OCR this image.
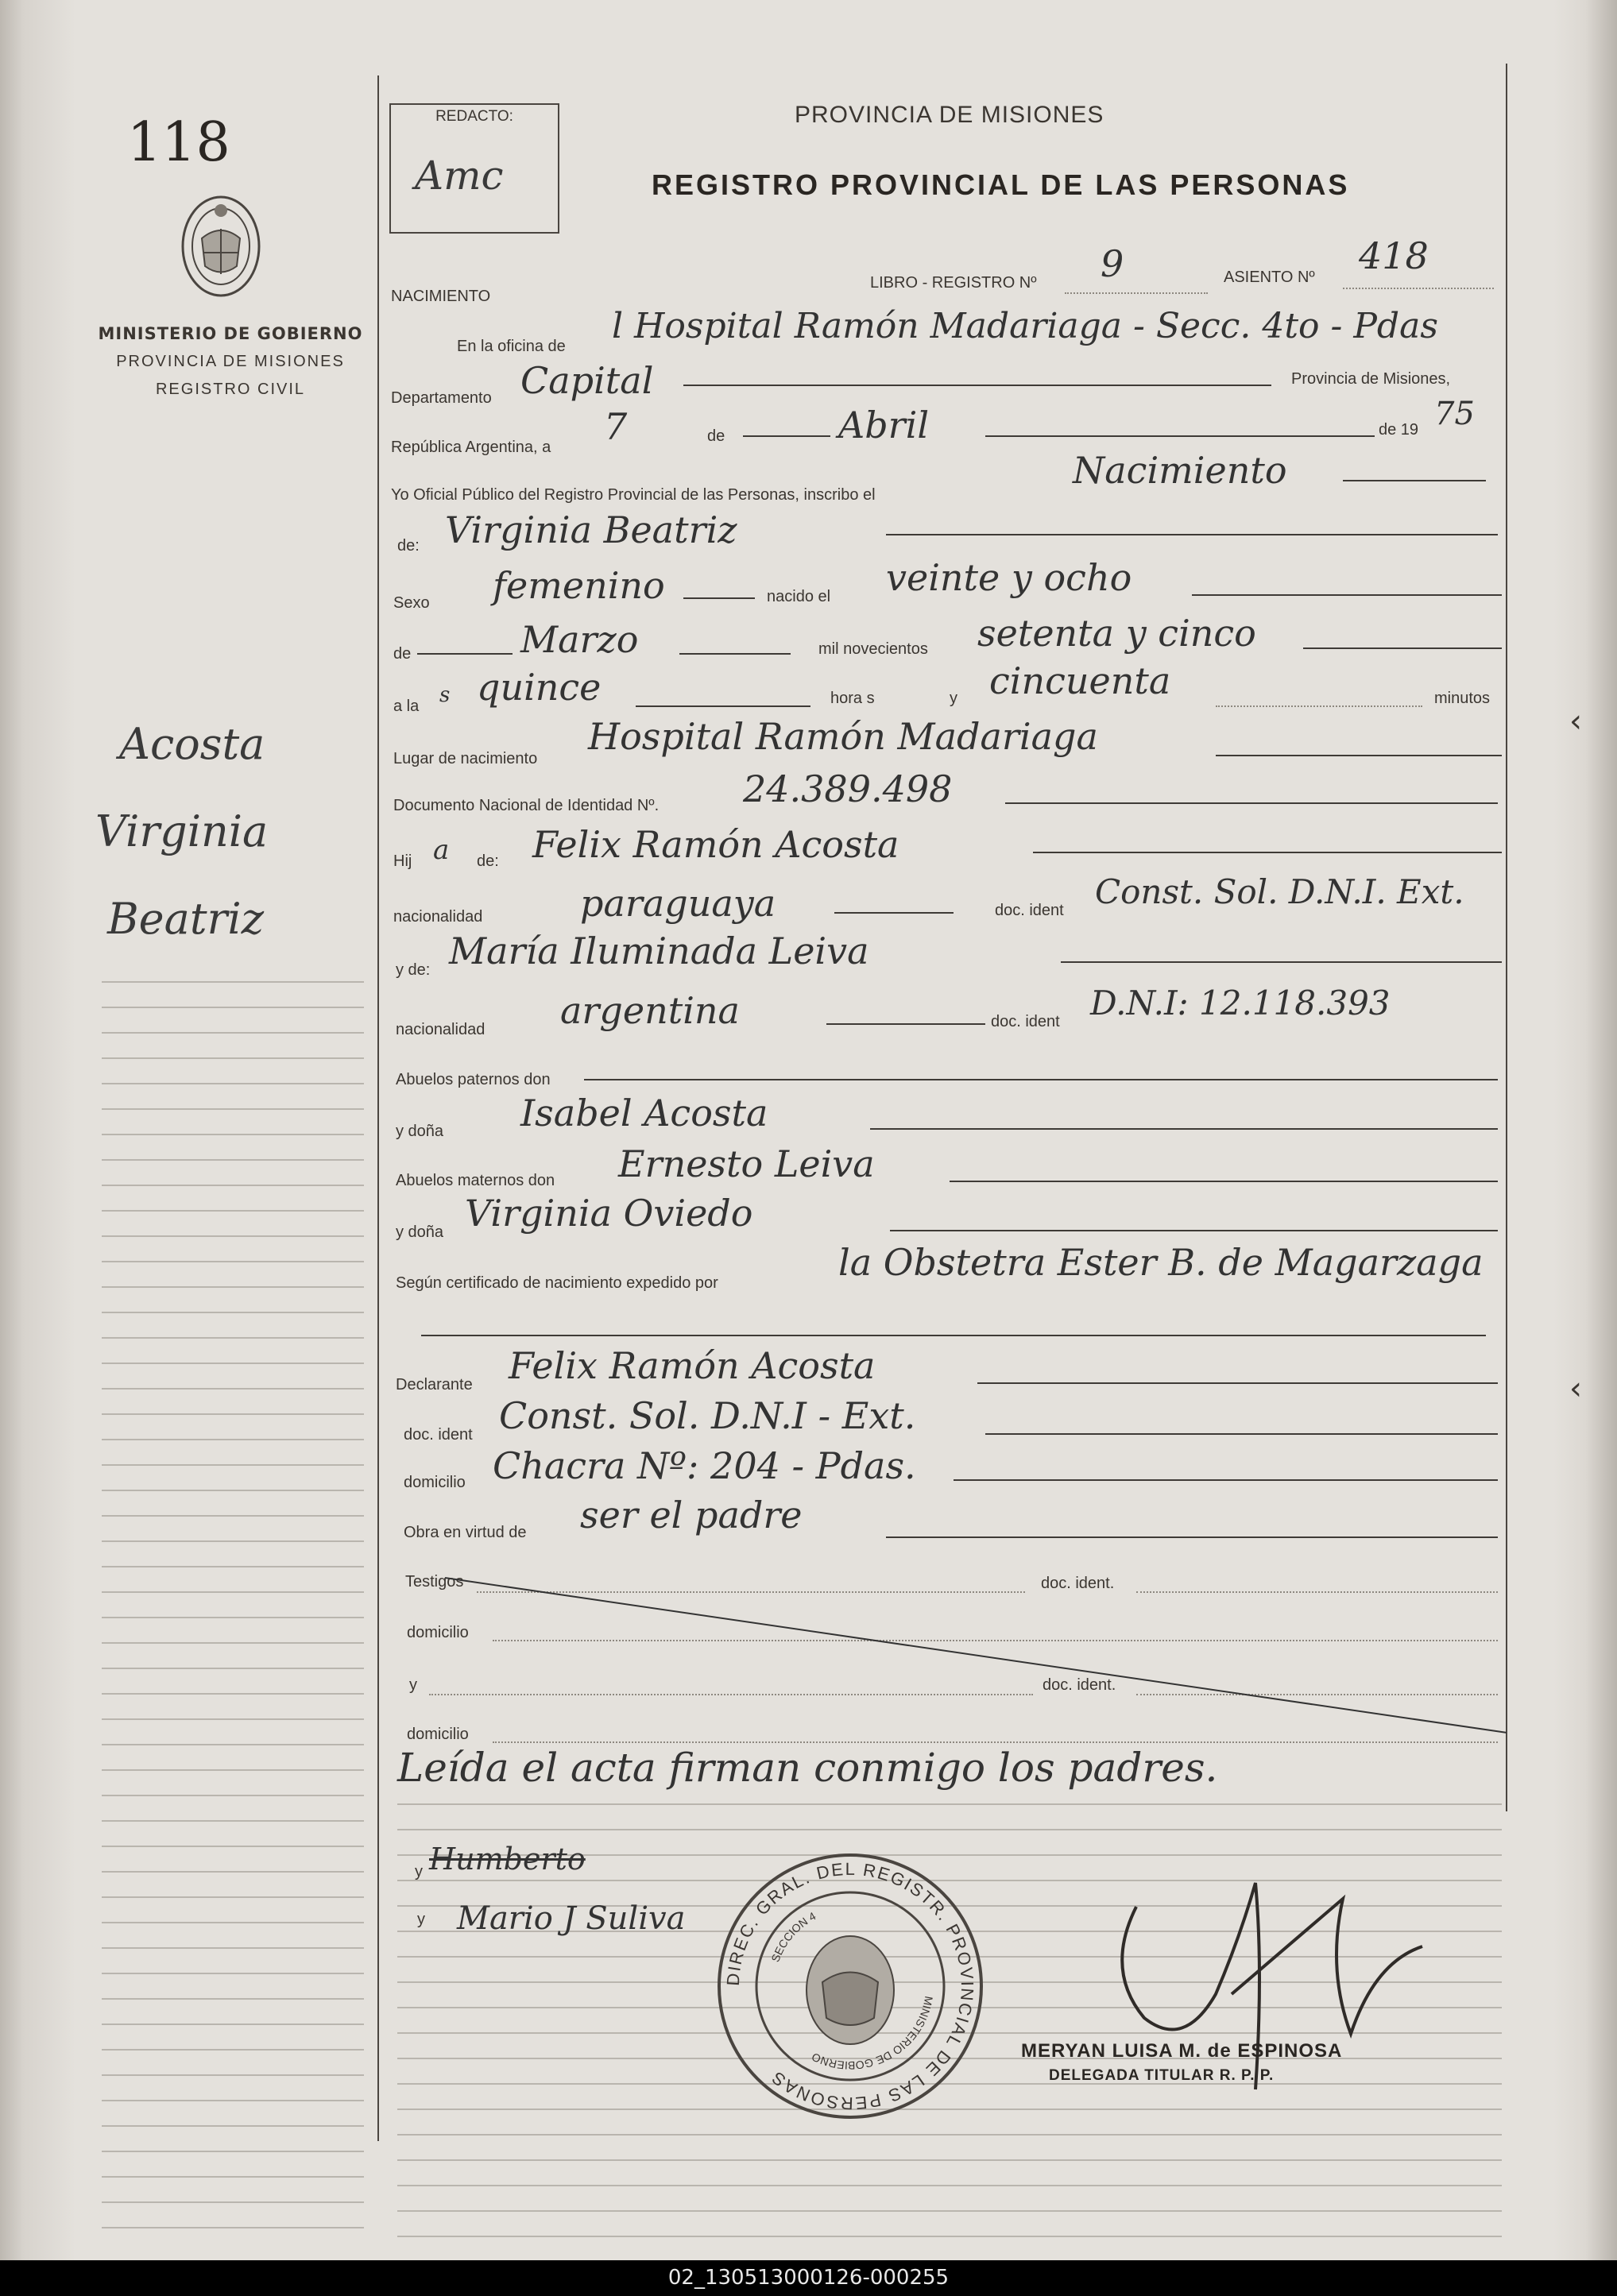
118
MINISTERIO DE GOBIERNO
PROVINCIA DE MISIONES
REGISTRO CIVIL
Acosta
Virginia
Beatriz
REDACTO:
Amc
PROVINCIA DE MISIONES
REGISTRO PROVINCIAL DE LAS PERSONAS
NACIMIENTO
LIBRO - REGISTRO Nº 9	ASIENTO Nº 418
En la oficina de l Hospital Ramón Madariaga - Secc. 4to - Pdas
Departamento Capital	Provincia de Misiones,
República Argentina, a 7	de	Abril	de 19 75
Yo Oficial Público del Registro Provincial de las Personas, inscribo el
Nacimiento
de: Virginia Beatriz
Sexo femenino	nacido el veinte y ocho
de	Marzo	mil novecientos setenta y cinco
a la s quince	hora s	y cincuenta	minutos
Lugar de nacimiento
Hospital Ramón Madariaga
Documento Nacional de Identidad Nº. 24.389.498
Hij a de: Felix Ramón Acosta
nacionalidad	paraguaya	doc. ident Const. Sol. D.N.I. Ext.
y de: María Iluminada Leiva
nacionalidad argentina	doc. ident D.N.I: 12.118.393
Abuelos paternos don
y doña Isabel Acosta
Abuelos maternos don Ernesto Leiva
y doña Virginia Oviedo
Según certificado de nacimiento expedido por	la Obstetra Ester B. de Magarzaga
Declarante Felix Ramón Acosta
doc. ident Const. Sol. D.N.I - Ext.
domicilio Chacra Nº: 204 - Pdas.
Obra en virtud de ser el padre
Testigos	doc. ident.
domicilio
y	doc. ident.
domicilio
Leída el acta firman conmigo los padres.
y Humberto
y Mario J Suliva
DIREC. GRAL. DEL REGISTR. PROVINCIAL DE LAS PERSONAS
SECCION 4
MINISTERIO DE GOBIERNO	MERYAN LUISA M. de ESPINOSA
DELEGADA TITULAR R. P. P.
‹
‹
02_130513000126-000255
